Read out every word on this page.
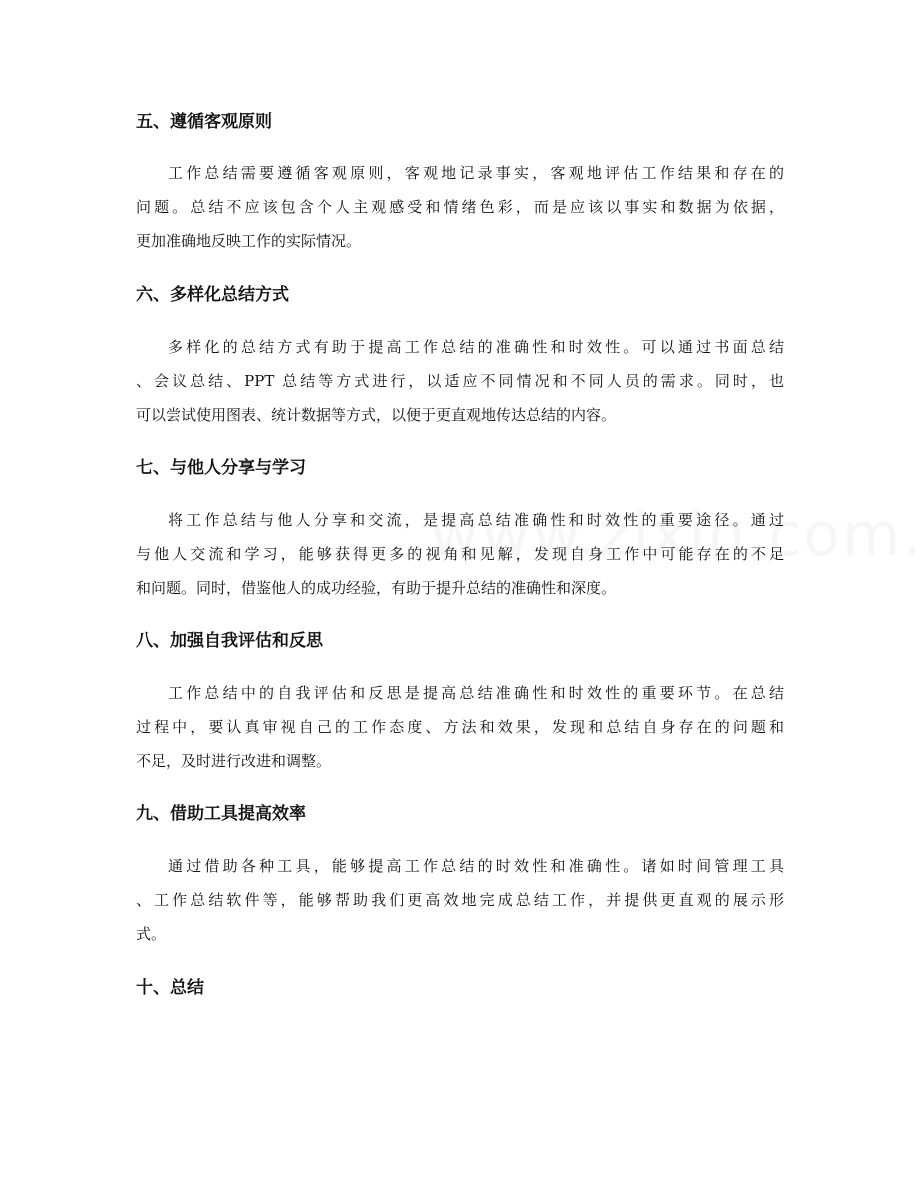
五、遵循客观原则
工作总结需要遵循客观原则，客观地记录事实，客观地评估工作结果和存在的
问题。总结不应该包含个人主观感受和情绪色彩，而是应该以事实和数据为依据，
更加准确地反映工作的实际情况。
六、多样化总结方式
多样化的总结方式有助于提高工作总结的准确性和时效性。可以通过书面总结
、会议总结、PPT 总结等方式进行，以适应不同情况和不同人员的需求。同时，也
可以尝试使用图表、统计数据等方式，以便于更直观地传达总结的内容。
七、与他人分享与学习
将工作总结与他人分享和交流，是提高总结准确性和时效性的重要途径。通过
与他人交流和学习，能够获得更多的视角和见解，发现自身工作中可能存在的不足
和问题。同时，借鉴他人的成功经验，有助于提升总结的准确性和深度。
八、加强自我评估和反思
工作总结中的自我评估和反思是提高总结准确性和时效性的重要环节。在总结
过程中，要认真审视自己的工作态度、方法和效果，发现和总结自身存在的问题和
不足，及时进行改进和调整。
九、借助工具提高效率
通过借助各种工具，能够提高工作总结的时效性和准确性。诸如时间管理工具
、工作总结软件等，能够帮助我们更高效地完成总结工作，并提供更直观的展示形
式。
十、总结
